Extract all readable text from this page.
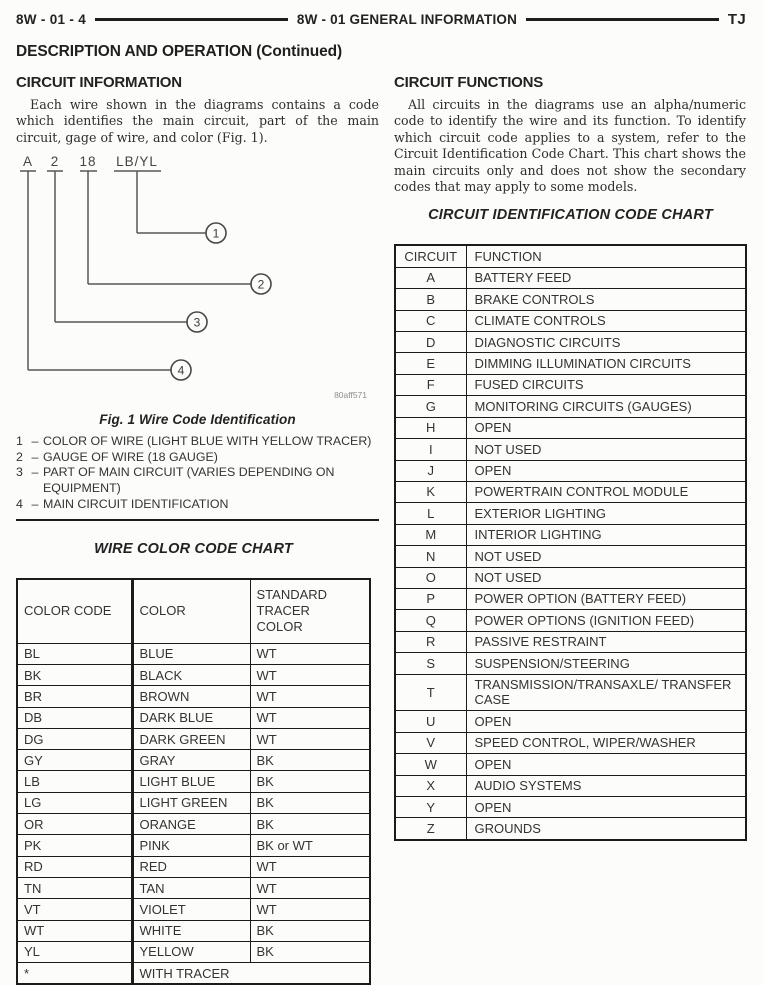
8W - 01 - 4	8W - 01 GENERAL INFORMATION	TJ
DESCRIPTION AND OPERATION (Continued)
CIRCUIT INFORMATION

Each wire shown in the diagrams contains a code which identifies the main circuit, part of the main circuit, gage of wire, and color (Fig. 1).

A 2 18 LB/YL
1
2
3
4
80aff571
Fig. 1 Wire Code Identification
1 – COLOR OF WIRE (LIGHT BLUE WITH YELLOW TRACER)
2 – GAUGE OF WIRE (18 GAUGE)
3 – PART OF MAIN CIRCUIT (VARIES DEPENDING ON EQUIPMENT)
4 – MAIN CIRCUIT IDENTIFICATION
WIRE COLOR CODE CHART
COLOR CODE	COLOR	STANDARD TRACER COLOR
BL	BLUE	WT
BK	BLACK	WT
BR	BROWN	WT
DB	DARK BLUE	WT
DG	DARK GREEN	WT
GY	GRAY	BK
LB	LIGHT BLUE	BK
LG	LIGHT GREEN	BK
OR	ORANGE	BK
PK	PINK	BK or WT
RD	RED	WT
TN	TAN	WT
VT	VIOLET	WT
WT	WHITE	BK
YL	YELLOW	BK
*	WITH TRACER	
CIRCUIT FUNCTIONS

All circuits in the diagrams use an alpha/numeric code to identify the wire and its function. To identify which circuit code applies to a system, refer to the Circuit Identification Code Chart. This chart shows the main circuits only and does not show the secondary codes that may apply to some models.

CIRCUIT IDENTIFICATION CODE CHART
CIRCUIT	FUNCTION
A	BATTERY FEED
B	BRAKE CONTROLS
C	CLIMATE CONTROLS
D	DIAGNOSTIC CIRCUITS
E	DIMMING ILLUMINATION CIRCUITS
F	FUSED CIRCUITS
G	MONITORING CIRCUITS (GAUGES)
H	OPEN
I	NOT USED
J	OPEN
K	POWERTRAIN CONTROL MODULE
L	EXTERIOR LIGHTING
M	INTERIOR LIGHTING
N	NOT USED
O	NOT USED
P	POWER OPTION (BATTERY FEED)
Q	POWER OPTIONS (IGNITION FEED)
R	PASSIVE RESTRAINT
S	SUSPENSION/STEERING
T	TRANSMISSION/TRANSAXLE/ TRANSFER CASE
U	OPEN
V	SPEED CONTROL, WIPER/WASHER
W	OPEN
X	AUDIO SYSTEMS
Y	OPEN
Z	GROUNDS
